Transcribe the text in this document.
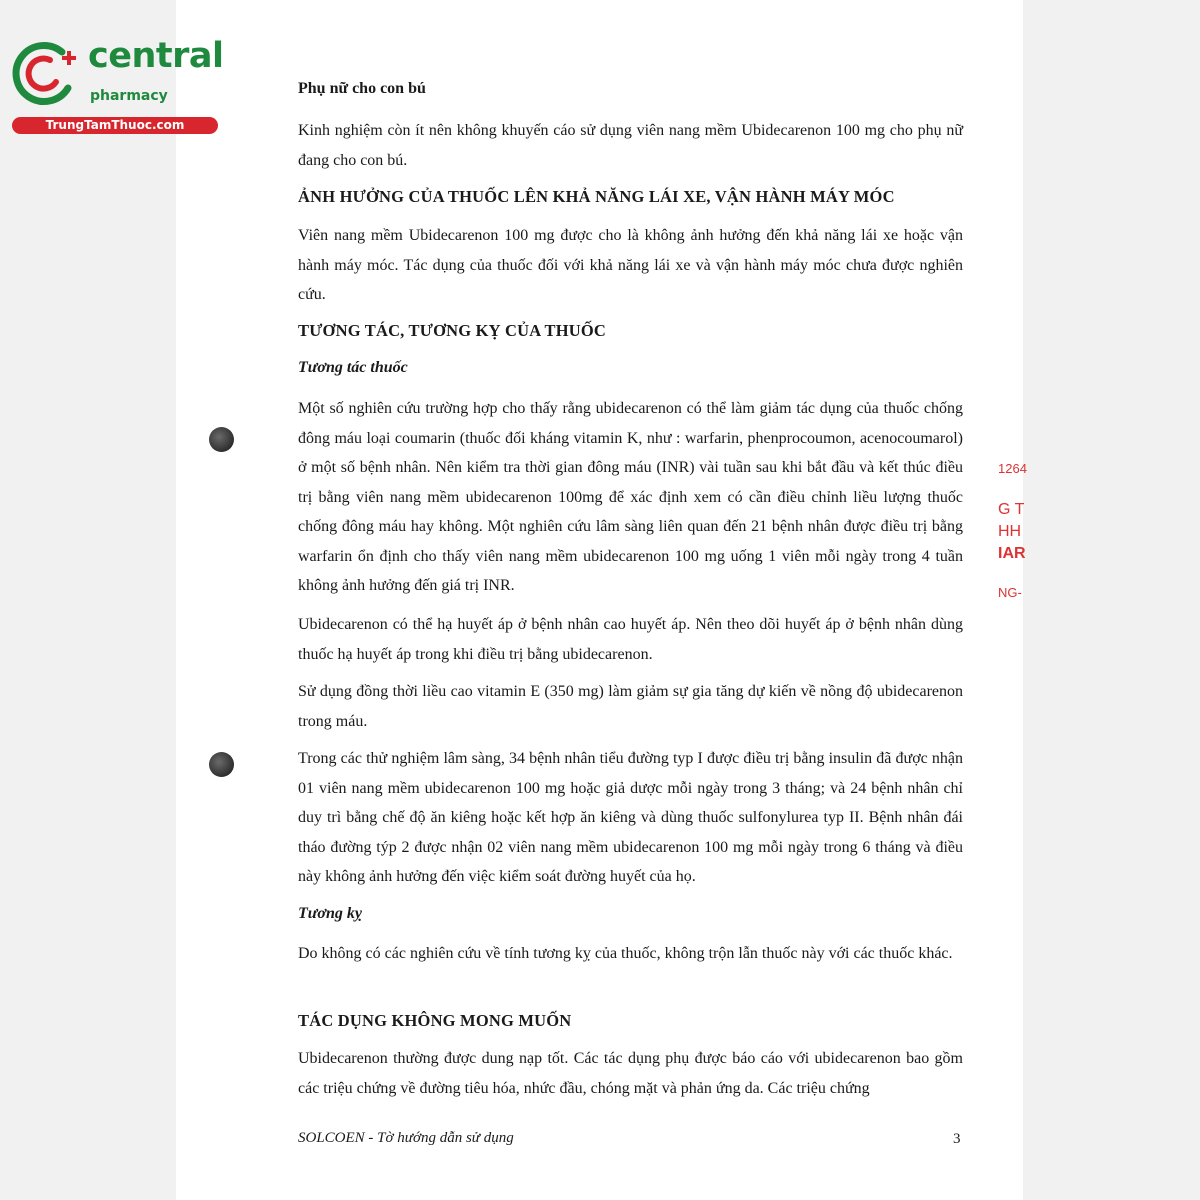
central
pharmacy
TrungTamThuoc.com
1264
G T
HH
IAR
NG-

Phụ nữ cho con bú

Kinh nghiệm còn ít nên không khuyến cáo sử dụng viên nang mềm Ubidecarenon 100 mg cho phụ nữ đang cho con bú.

ẢNH HƯỞNG CỦA THUỐC LÊN KHẢ NĂNG LÁI XE, VẬN HÀNH MÁY MÓC

Viên nang mềm Ubidecarenon 100 mg được cho là không ảnh hưởng đến khả năng lái xe hoặc vận hành máy móc. Tác dụng của thuốc đối với khả năng lái xe và vận hành máy móc chưa được nghiên cứu.

TƯƠNG TÁC, TƯƠNG KỴ CỦA THUỐC

Tương tác thuốc

Một số nghiên cứu trường hợp cho thấy rằng ubidecarenon có thể làm giảm tác dụng của thuốc chống đông máu loại coumarin (thuốc đối kháng vitamin K, như : warfarin, phenprocoumon, acenocoumarol) ở một số bệnh nhân. Nên kiểm tra thời gian đông máu (INR) vài tuần sau khi bắt đầu và kết thúc điều trị bằng viên nang mềm ubidecarenon 100mg để xác định xem có cần điều chỉnh liều lượng thuốc chống đông máu hay không. Một nghiên cứu lâm sàng liên quan đến 21 bệnh nhân được điều trị bằng warfarin ổn định cho thấy viên nang mềm ubidecarenon 100 mg uống 1 viên mỗi ngày trong 4 tuần không ảnh hưởng đến giá trị INR.

Ubidecarenon có thể hạ huyết áp ở bệnh nhân cao huyết áp. Nên theo dõi huyết áp ở bệnh nhân dùng thuốc hạ huyết áp trong khi điều trị bằng ubidecarenon.

Sử dụng đồng thời liều cao vitamin E (350 mg) làm giảm sự gia tăng dự kiến về nồng độ ubidecarenon trong máu.

Trong các thử nghiệm lâm sàng, 34 bệnh nhân tiểu đường typ I được điều trị bằng insulin đã được nhận 01 viên nang mềm ubidecarenon 100 mg hoặc giả dược mỗi ngày trong 3 tháng; và 24 bệnh nhân chỉ duy trì bằng chế độ ăn kiêng hoặc kết hợp ăn kiêng và dùng thuốc sulfonylurea typ II. Bệnh nhân đái tháo đường týp 2 được nhận 02 viên nang mềm ubidecarenon 100 mg mỗi ngày trong 6 tháng và điều này không ảnh hưởng đến việc kiểm soát đường huyết của họ.

Tương kỵ

Do không có các nghiên cứu về tính tương kỵ của thuốc, không trộn lẫn thuốc này với các thuốc khác.

TÁC DỤNG KHÔNG MONG MUỐN

Ubidecarenon thường được dung nạp tốt. Các tác dụng phụ được báo cáo với ubidecarenon bao gồm các triệu chứng về đường tiêu hóa, nhức đầu, chóng mặt và phản ứng da. Các triệu chứng

SOLCOEN - Tờ hướng dẫn sử dụng	3
